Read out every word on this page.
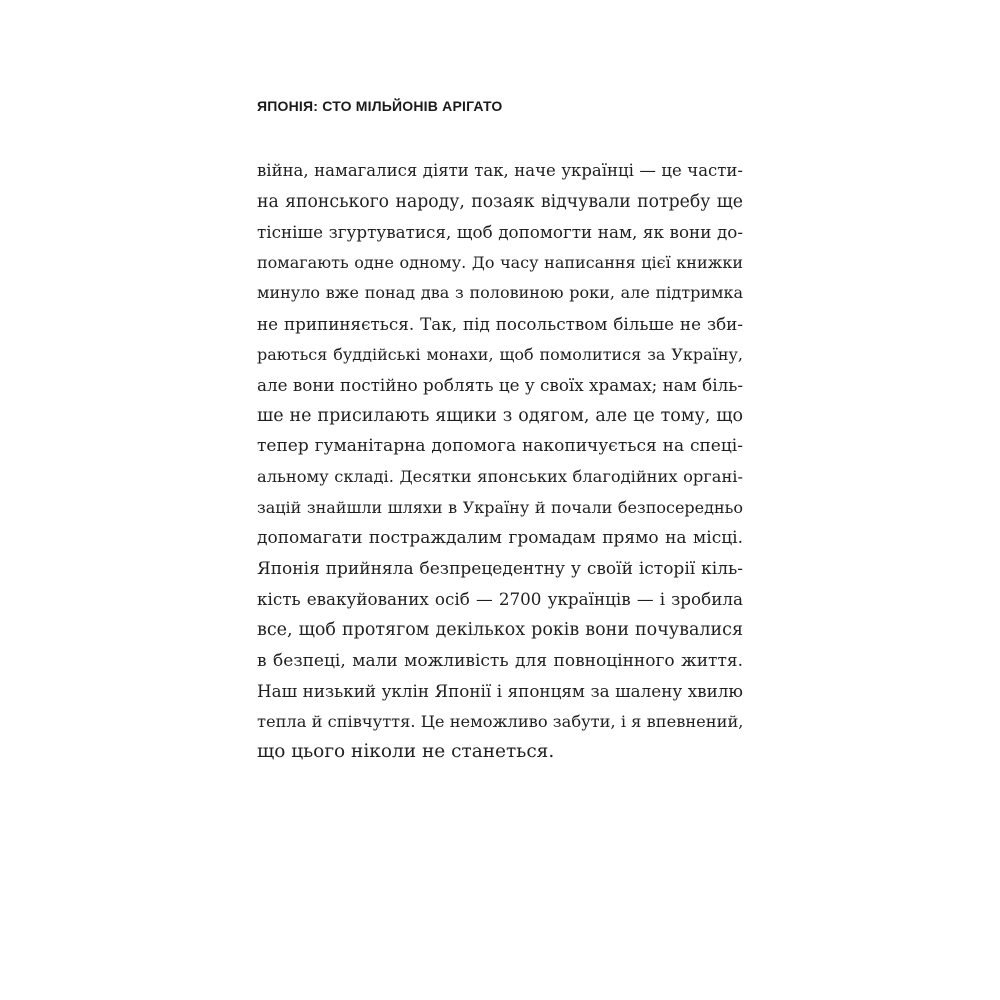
ЯПОНІЯ: СТО МІЛЬЙОНІВ АРІГАТО
війна, намагалися діяти так, наче українці — це части-
на японського народу, позаяк відчували потребу ще
тісніше згуртуватися, щоб допомогти нам, як вони до-
помагають одне одному. До часу написання цієї книжки
минуло вже понад два з половиною роки, але підтримка
не припиняється. Так, під посольством більше не зби-
раються буддійські монахи, щоб помолитися за Україну,
але вони постійно роблять це у своїх храмах; нам біль-
ше не присилають ящики з одягом, але це тому, що
тепер гуманітарна допомога накопичується на спеці-
альному складі. Десятки японських благодійних органі-
зацій знайшли шляхи в Україну й почали безпосередньо
допомагати постраждалим громадам прямо на місці.
Японія прийняла безпрецедентну у своїй історії кіль-
кість евакуйованих осіб — 2700 українців — і зробила
все, щоб протягом декількох років вони почувалися
в безпеці, мали можливість для повноцінного життя.
Наш низький уклін Японії і японцям за шалену хвилю
тепла й співчуття. Це неможливо забути, і я впевнений,
що цього ніколи не станеться.
